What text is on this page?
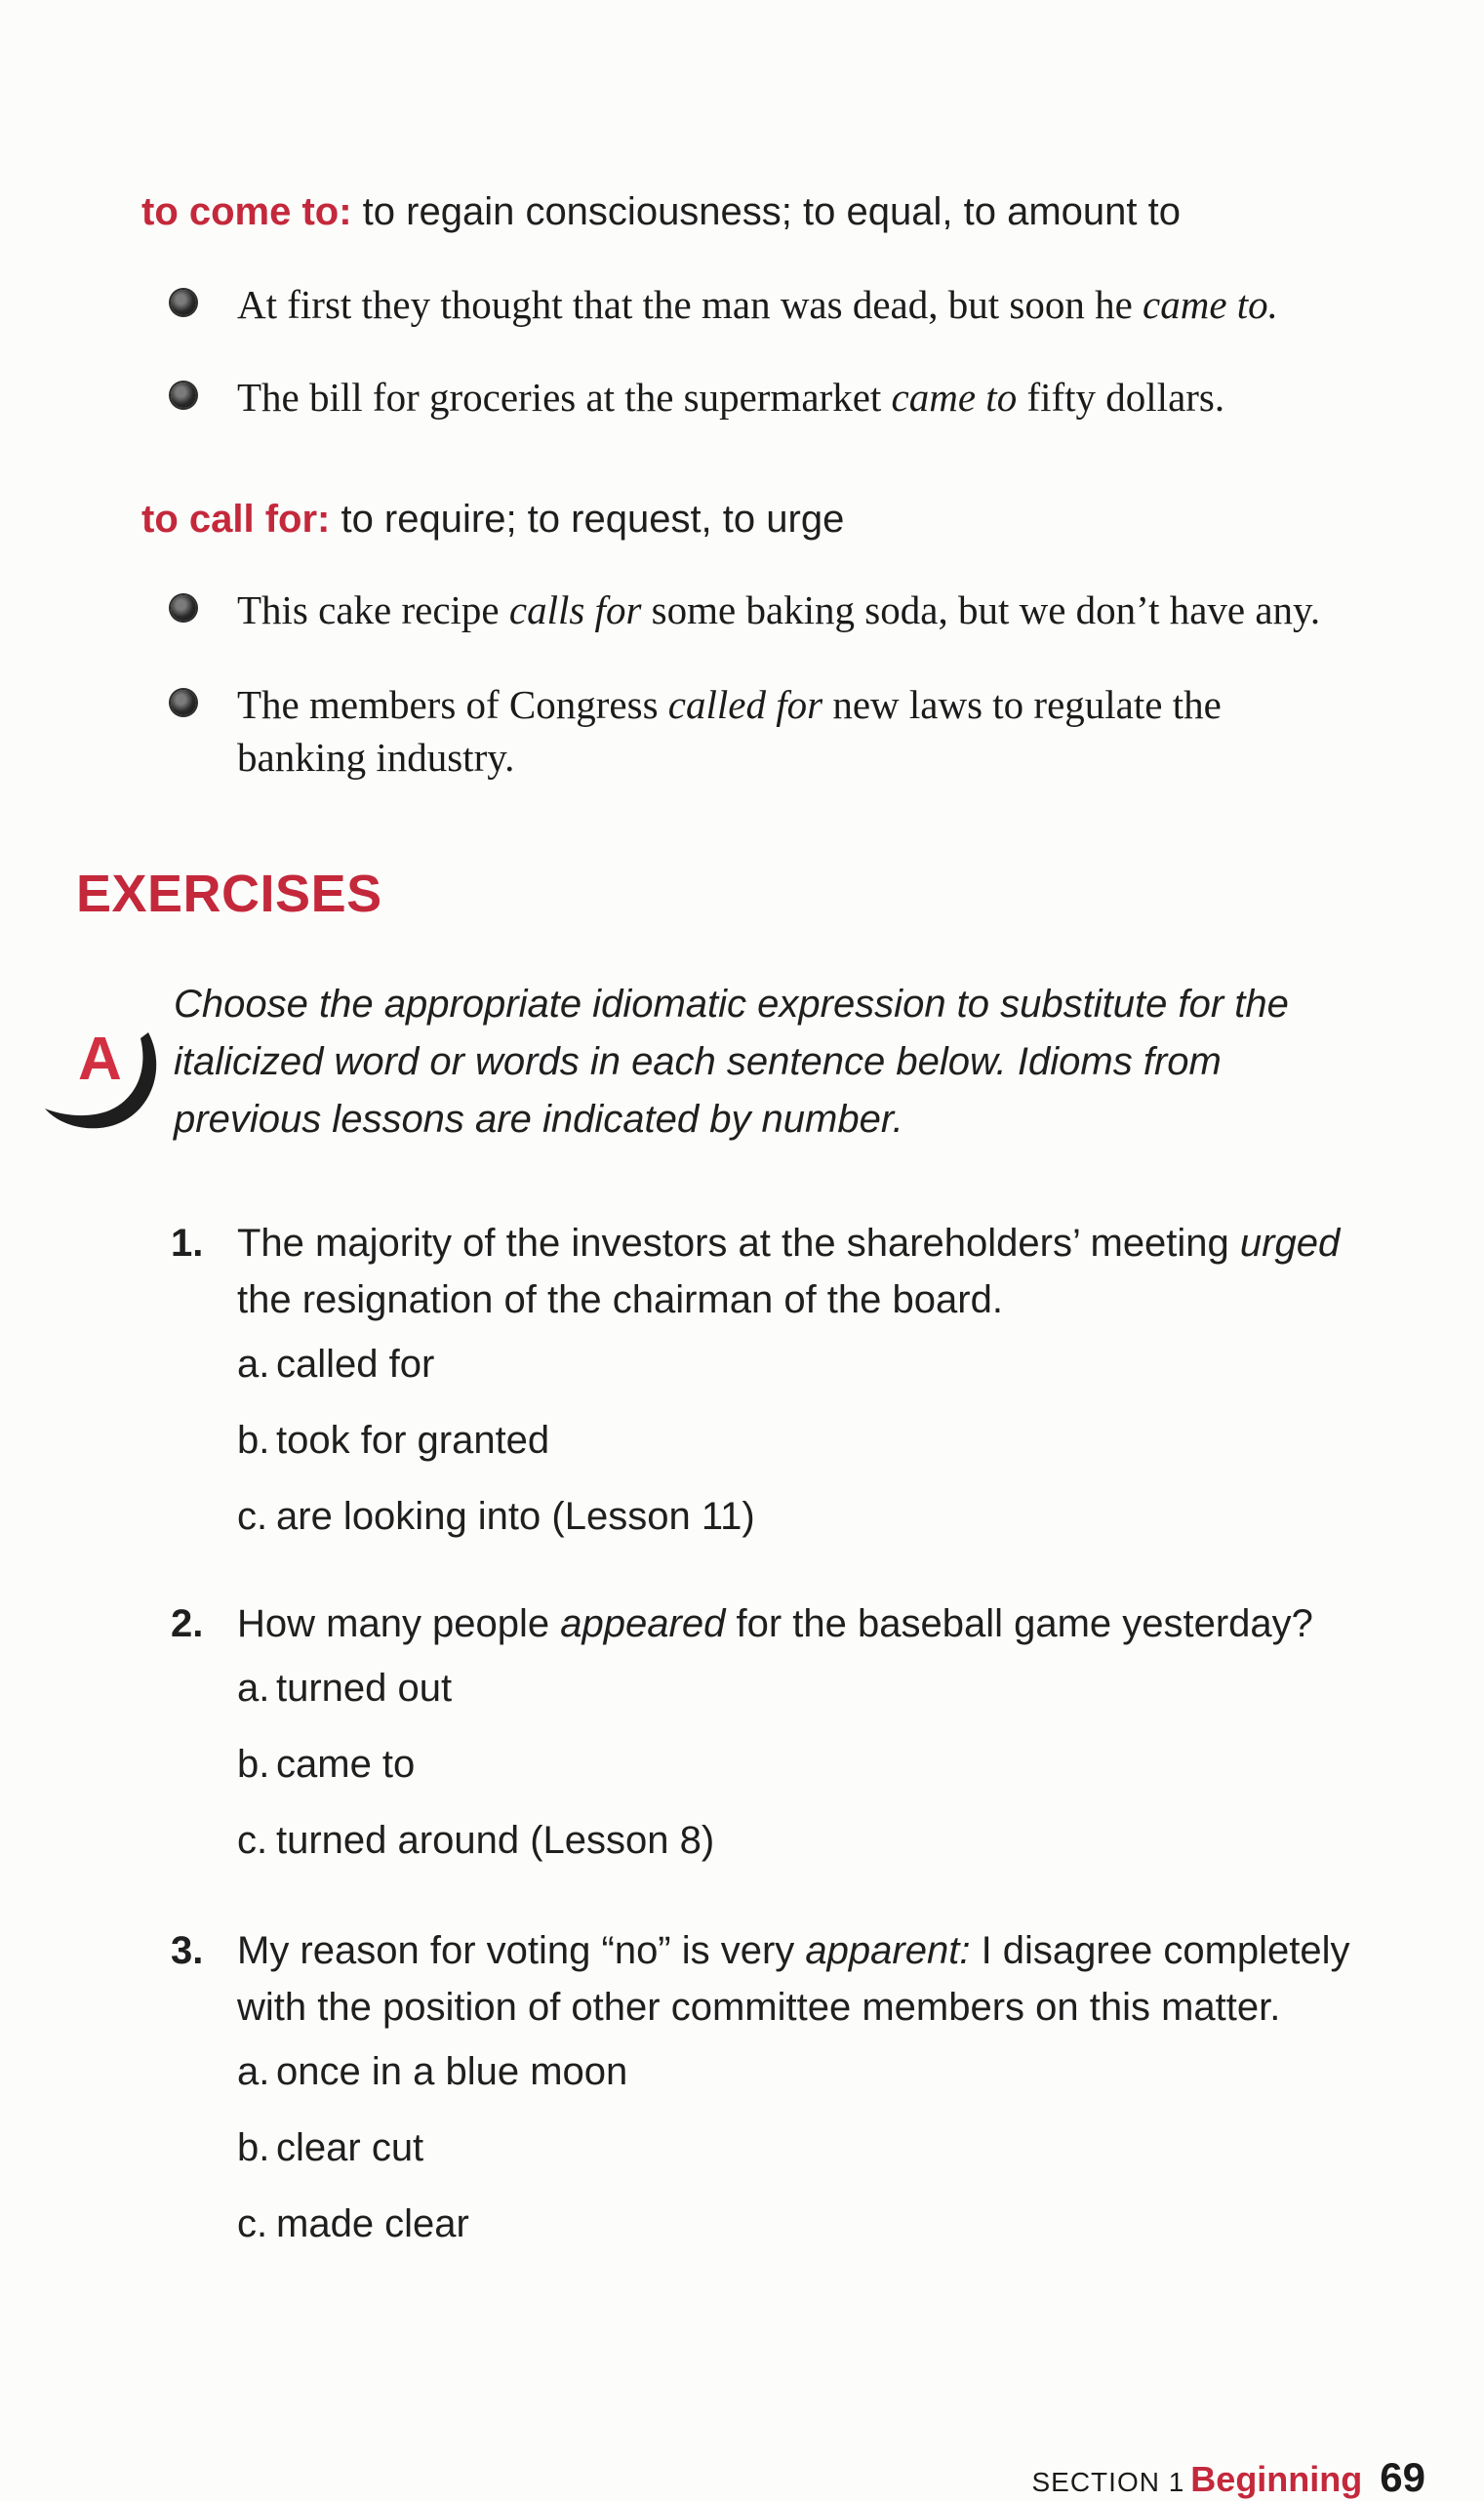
to come to: to regain consciousness; to equal, to amount to
At first they thought that the man was dead, but soon he came to.
The bill for groceries at the supermarket came to fifty dollars.
to call for: to require; to request, to urge
This cake recipe calls for some baking soda, but we don’t have any.
The members of Congress called for new laws to regulate the banking industry.
EXERCISES
A
Choose the appropriate idiomatic expression to substitute for the italicized word or words in each sentence below. Idioms from previous lessons are indicated by number.
1. The majority of the investors at the shareholders’ meeting urged the resignation of the chairman of the board.
a. called for
b. took for granted
c. are looking into (Lesson 11)
2. How many people appeared for the baseball game yesterday?
a. turned out
b. came to
c. turned around (Lesson 8)
3. My reason for voting “no” is very apparent: I disagree completely with the position of other committee members on this matter.
a. once in a blue moon
b. clear cut
c. made clear
SECTION 1 Beginning 69
